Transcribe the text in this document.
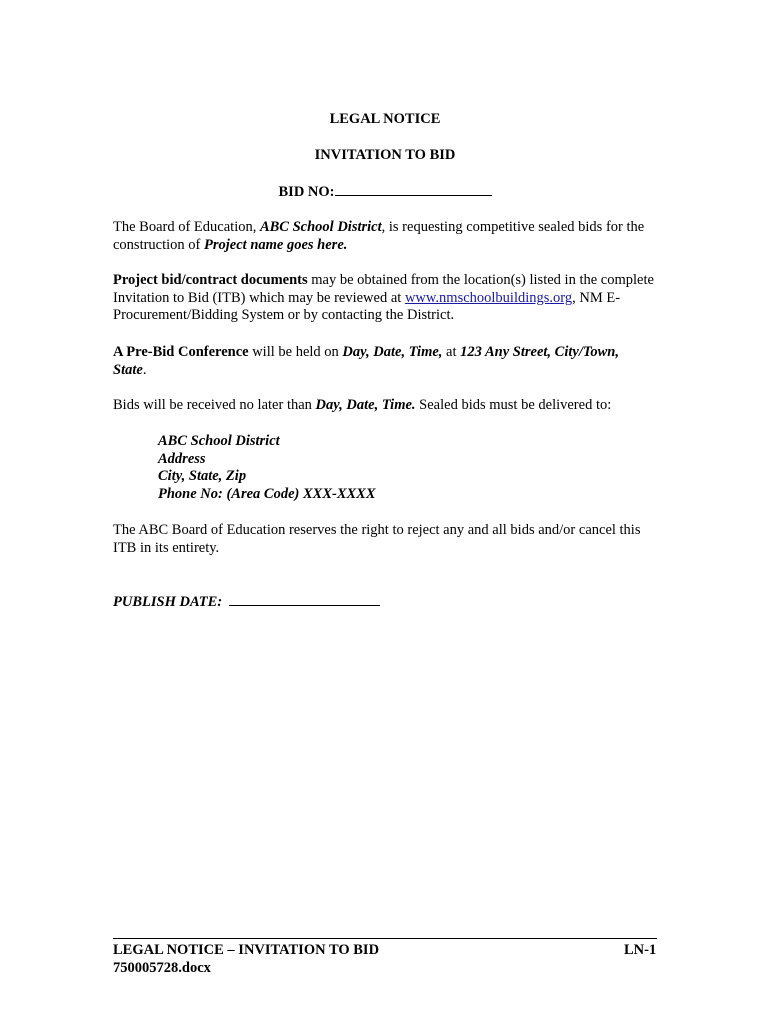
LEGAL NOTICE
INVITATION TO BID
BID NO:
The Board of Education, ABC School District, is requesting competitive sealed bids for the construction of Project name goes here.
Project bid/contract documents may be obtained from the location(s) listed in the complete Invitation to Bid (ITB) which may be reviewed at www.nmschoolbuildings.org, NM E-Procurement/Bidding System or by contacting the District.
A Pre-Bid Conference will be held on Day, Date, Time, at 123 Any Street, City/Town,
State.
Bids will be received no later than Day, Date, Time. Sealed bids must be delivered to:
ABC School District
Address
City, State, Zip
Phone No: (Area Code) XXX-XXXX
The ABC Board of Education reserves the right to reject any and all bids and/or cancel this ITB in its entirety.
PUBLISH DATE:
LEGAL NOTICE – INVITATION TO BID	LN-1
750005728.docx
